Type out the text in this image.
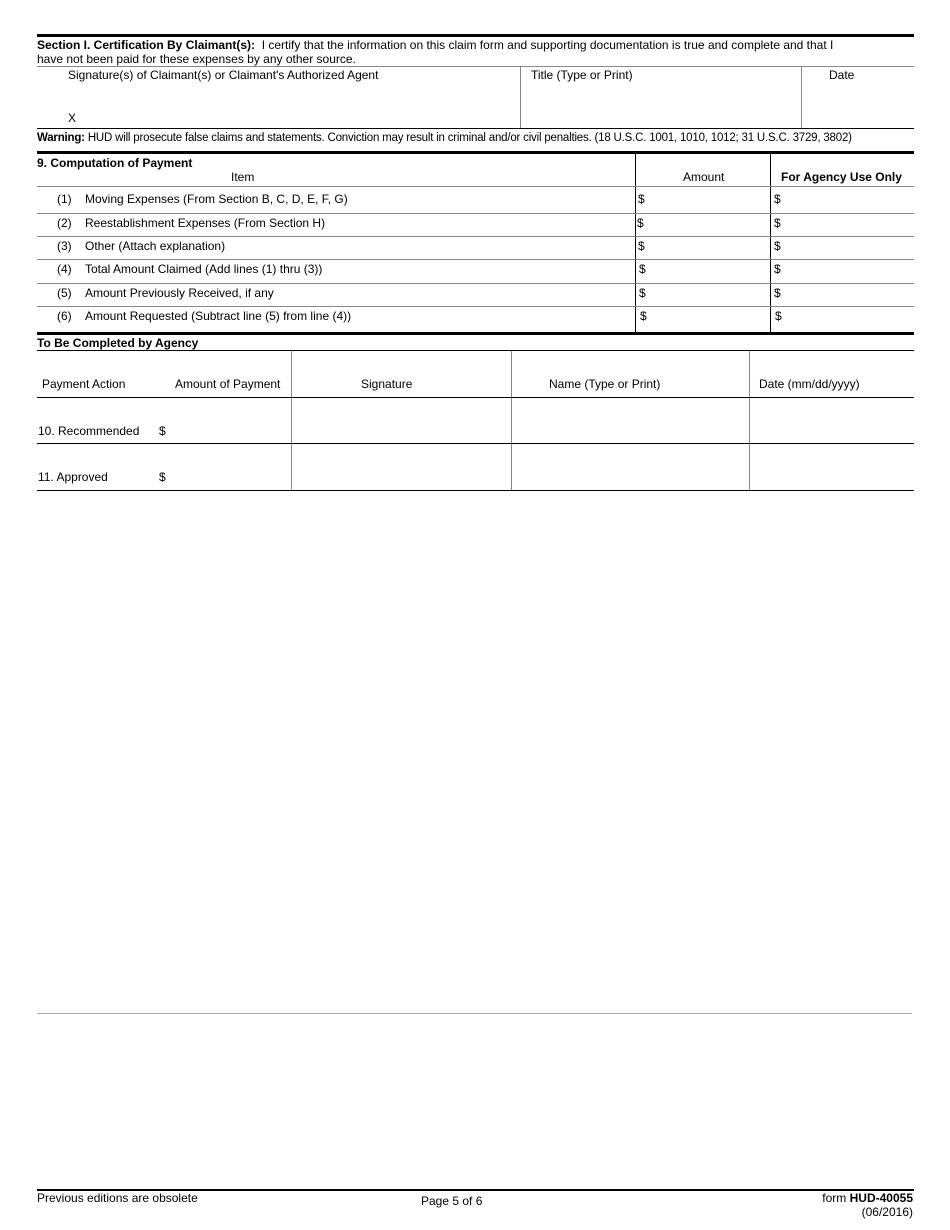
Section I. Certification By Claimant(s): I certify that the information on this claim form and supporting documentation is true and complete and that I
have not been paid for these expenses by any other source.
Signature(s) of Claimant(s) or Claimant's Authorized Agent	Title (Type or Print)	Date
X
Warning: HUD will prosecute false claims and statements. Conviction may result in criminal and/or civil penalties. (18 U.S.C. 1001, 1010, 1012; 31 U.S.C. 3729, 3802)
9. Computation of Payment
Item	Amount	For Agency Use Only
(1) Moving Expenses (From Section B, C, D, E, F, G)	$	$
(2) Reestablishment Expenses (From Section H)	$	$
(3) Other (Attach explanation)	$	$
(4) Total Amount Claimed (Add lines (1) thru (3))	$	$
(5) Amount Previously Received, if any	$	$
(6) Amount Requested (Subtract line (5) from line (4))	$	$
To Be Completed by Agency
Payment Action	Amount of Payment	Signature	Name (Type or Print)	Date (mm/dd/yyyy)
10. Recommended $
11. Approved	$
Previous editions are obsolete	Page 5 of 6	form HUD-40055
(06/2016)
